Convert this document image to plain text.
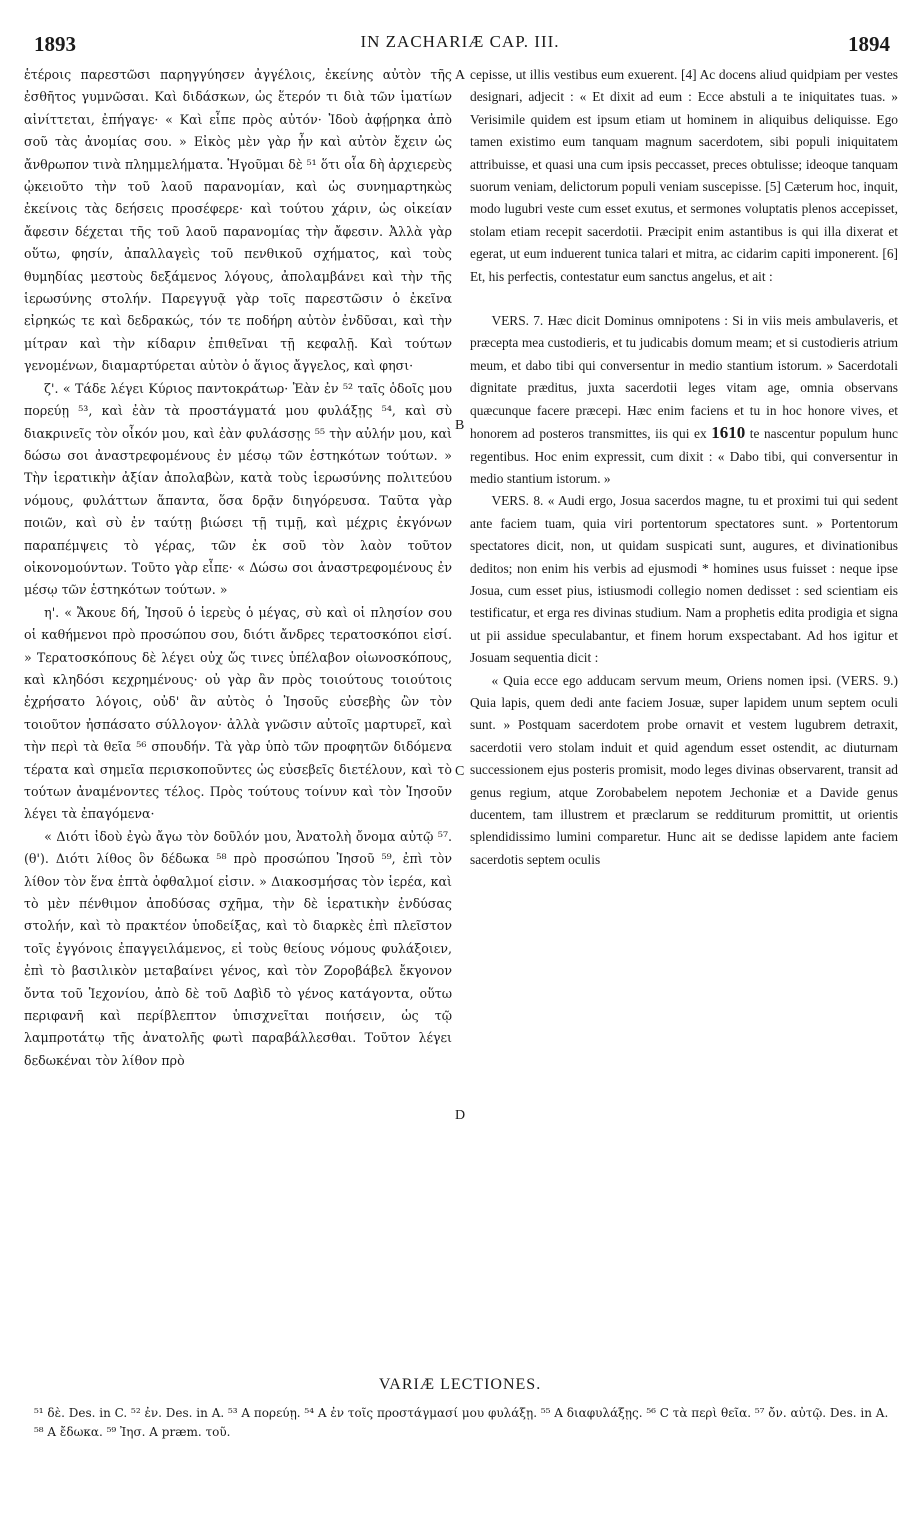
1893	IN ZACHARIÆ CAP. III.	1894

ἑτέροις παρεστῶσι παρηγγύησεν ἀγγέλοις, ἐκείνης αὐτὸν τῆς ἐσθῆτος γυμνῶσαι. Καὶ διδάσκων, ὡς ἕτερόν τι διὰ τῶν ἱματίων αἰνίττεται, ἐπήγαγε· « Καὶ εἶπε πρὸς αὐτόν· Ἰδοὺ ἀφῄρηκα ἀπὸ σοῦ τὰς ἀνομίας σου. » Εἰκὸς μὲν γὰρ ἦν καὶ αὐτὸν ἔχειν ὡς ἄνθρωπον τινὰ πλημμελήματα. Ἡγοῦμαι δὲ ⁵¹ ὅτι οἷα δὴ ἀρχιερεὺς ᾠκειοῦτο τὴν τοῦ λαοῦ παρανομίαν, καὶ ὡς συνημαρτηκὼς ἐκείνοις τὰς δεήσεις προσέφερε· καὶ τούτου χάριν, ὡς οἰκείαν ἄφεσιν δέχεται τῆς τοῦ λαοῦ παρανομίας τὴν ἄφεσιν. Ἀλλὰ γὰρ οὕτω, φησίν, ἀπαλλαγεὶς τοῦ πενθικοῦ σχήματος, καὶ τοὺς θυμηδίας μεστοὺς δεξάμενος λόγους, ἀπολαμβάνει καὶ τὴν τῆς ἱερωσύνης στολήν. Παρεγγυᾷ γὰρ τοῖς παρεστῶσιν ὁ ἐκεῖνα εἰρηκώς τε καὶ δεδρακώς, τόν τε ποδήρη αὐτὸν ἐνδῦσαι, καὶ τὴν μίτραν καὶ τὴν κίδαριν ἐπιθεῖναι τῇ κεφαλῇ. Καὶ τούτων γενομένων, διαμαρτύρεται αὐτὸν ὁ ἅγιος ἄγγελος, καὶ φησι·

ζ'. « Τάδε λέγει Κύριος παντοκράτωρ· Ἐὰν ἐν ⁵² ταῖς ὁδοῖς μου πορεύῃ ⁵³, καὶ ἐὰν τὰ προστάγματά μου φυλάξῃς ⁵⁴, καὶ σὺ διακρινεῖς τὸν οἶκόν μου, καὶ ἐὰν φυλάσσῃς ⁵⁵ τὴν αὐλήν μου, καὶ δώσω σοι ἀναστρεφομένους ἐν μέσῳ τῶν ἑστηκότων τούτων. » Τὴν ἱερατικὴν ἀξίαν ἀπολαβὼν, κατὰ τοὺς ἱερωσύνης πολιτεύου νόμους, φυλάττων ἅπαντα, ὅσα δρᾷν διηγόρευσα. Ταῦτα γὰρ ποιῶν, καὶ σὺ ἐν ταύτῃ βιώσει τῇ τιμῇ, καὶ μέχρις ἐκγόνων παραπέμψεις τὸ γέρας, τῶν ἐκ σοῦ τὸν λαὸν τοῦτον οἰκονομούντων. Τοῦτο γὰρ εἶπε· « Δώσω σοι ἀναστρεφομένους ἐν μέσῳ τῶν ἑστηκότων τούτων. »

η'. « Ἄκουε δή, Ἰησοῦ ὁ ἱερεὺς ὁ μέγας, σὺ καὶ οἱ πλησίον σου οἱ καθήμενοι πρὸ προσώπου σου, διότι ἄνδρες τερατοσκόποι εἰσί. » Τερατοσκόπους δὲ λέγει οὐχ ὥς τινες ὑπέλαβον οἰωνοσκόπους, καὶ κληδόσι κεχρημένους· οὐ γὰρ ἂν πρὸς τοιούτους τοιούτοις ἐχρήσατο λόγοις, οὐδ' ἂν αὐτὸς ὁ Ἰησοῦς εὐσεβὴς ὢν τὸν τοιοῦτον ἠσπάσατο σύλλογον· ἀλλὰ γνῶσιν αὐτοῖς μαρτυρεῖ, καὶ τὴν περὶ τὰ θεῖα ⁵⁶ σπουδήν. Τὰ γὰρ ὑπὸ τῶν προφητῶν διδόμενα τέρατα καὶ σημεῖα περισκοποῦντες ὡς εὐσεβεῖς διετέλουν, καὶ τὸ τούτων ἀναμένοντες τέλος. Πρὸς τούτους τοίνυν καὶ τὸν Ἰησοῦν λέγει τὰ ἐπαγόμενα·

« Διότι ἰδοὺ ἐγὼ ἄγω τὸν δοῦλόν μου, Ἀνατολὴ ὄνομα αὐτῷ ⁵⁷. (θ'). Διότι λίθος ὃν δέδωκα ⁵⁸ πρὸ προσώπου Ἰησοῦ ⁵⁹, ἐπὶ τὸν λίθον τὸν ἕνα ἑπτὰ ὀφθαλμοί εἰσιν. » Διακοσμήσας τὸν ἱερέα, καὶ τὸ μὲν πένθιμον ἀποδύσας σχῆμα, τὴν δὲ ἱερατικὴν ἐνδύσας στολήν, καὶ τὸ πρακτέον ὑποδείξας, καὶ τὸ διαρκὲς ἐπὶ πλεῖστον τοῖς ἐγγόνοις ἐπαγγειλάμενος, εἰ τοὺς θείους νόμους φυλάξοιεν, ἐπὶ τὸ βασιλικὸν μεταβαίνει γένος, καὶ τὸν Ζοροβάβελ ἔκγονον ὄντα τοῦ Ἰεχονίου, ἀπὸ δὲ τοῦ Δαβὶδ τὸ γένος κατάγοντα, οὕτω περιφανῆ καὶ περίβλεπτον ὑπισχνεῖται ποιήσειν, ὡς τῷ λαμπροτάτῳ τῆς ἀνατολῆς φωτὶ παραβάλλεσθαι. Τοῦτον λέγει δεδωκέναι τὸν λίθον πρὸ

cepisse, ut illis vestibus eum exuerent. [4] Ac docens aliud quidpiam per vestes designari, adjecit : « Et dixit ad eum : Ecce abstuli a te iniquitates tuas. » Verisimile quidem est ipsum etiam ut hominem in aliquibus deliquisse. Ego tamen existimo eum tanquam magnum sacerdotem, sibi populi iniquitatem attribuisse, et quasi una cum ipsis peccasset, preces obtulisse; ideoque tanquam suorum veniam, delictorum populi veniam suscepisse. [5] Cæterum hoc, inquit, modo lugubri veste cum esset exutus, et sermones voluptatis plenos accepisset, stolam etiam recepit sacerdotii. Præcipit enim astantibus is qui illa dixerat et egerat, ut eum induerent tunica talari et mitra, ac cidarim capiti imponerent. [6] Et, his perfectis, contestatur eum sanctus angelus, et ait :

VERS. 7. Hæc dicit Dominus omnipotens : Si in viis meis ambulaveris, et præcepta mea custodieris, et tu judicabis domum meam; et si custodieris atrium meum, et dabo tibi qui conversentur in medio stantium istorum. » Sacerdotali dignitate præditus, juxta sacerdotii leges vitam age, omnia observans quæcunque facere præcepi. Hæc enim faciens et tu in hoc honore vives, et honorem ad posteros transmittes, iis qui ex 1610 te nascentur populum hunc regentibus. Hoc enim expressit, cum dixit : « Dabo tibi, qui conversentur in medio stantium istorum. »

VERS. 8. « Audi ergo, Josua sacerdos magne, tu et proximi tui qui sedent ante faciem tuam, quia viri portentorum spectatores sunt. » Portentorum spectatores dicit, non, ut quidam suspicati sunt, augures, et divinationibus deditos; non enim his verbis ad ejusmodi * homines usus fuisset : neque ipse Josua, cum esset pius, istiusmodi collegio nomen dedisset : sed scientiam eis testificatur, et erga res divinas studium. Nam a prophetis edita prodigia et signa ut pii assidue speculabantur, et finem horum exspectabant. Ad hos igitur et Josuam sequentia dicit :

« Quia ecce ego adducam servum meum, Oriens nomen ipsi. (VERS. 9.) Quia lapis, quem dedi ante faciem Josuæ, super lapidem unum septem oculi sunt. » Postquam sacerdotem probe ornavit et vestem lugubrem detraxit, sacerdotii vero stolam induit et quid agendum esset ostendit, ac diuturnam successionem ejus posteris promisit, modo leges divinas observarent, transit ad genus regium, atque Zorobabelem nepotem Jechoniæ et a Davide genus ducentem, tam illustrem et præclarum se redditurum promittit, ut orientis splendidissimo lumini comparetur. Hunc ait se dedisse lapidem ante faciem sacerdotis septem oculis

A
B
C
D
VARIÆ LECTIONES.
⁵¹ δὲ. Des. in C. ⁵² ἐν. Des. in A. ⁵³ A πορεύῃ. ⁵⁴ A ἐν τοῖς προστάγμασί μου φυλάξῃ. ⁵⁵ A διαφυλάξῃς. ⁵⁶ C τὰ περὶ θεῖα. ⁵⁷ ὄν. αὐτῷ. Des. in A. ⁵⁸ A ἔδωκα. ⁵⁹ Ἰησ. A præm. τοῦ.
